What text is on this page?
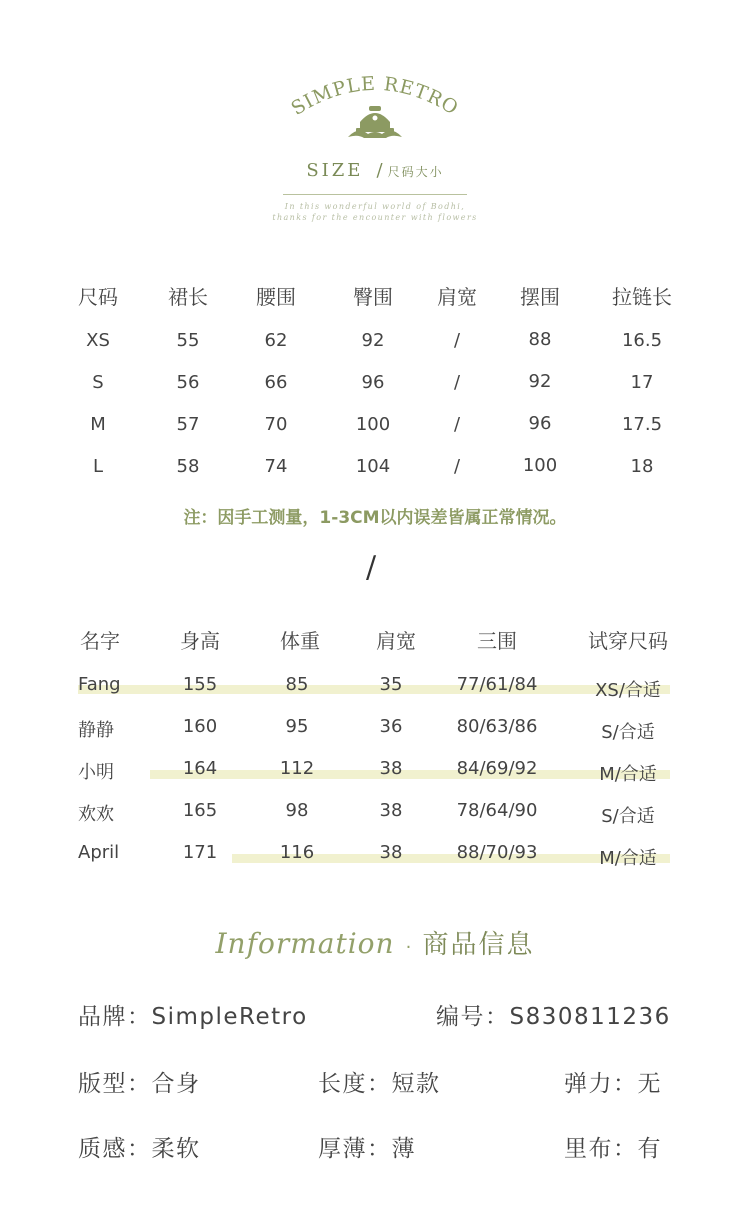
SIMPLE RETRO
SIZE / 尺码大小
In this wonderful world of Bodhi,
thanks for the encounter with flowers
尺码	裙长 腰围	臀围 肩宽 摆围	拉链长
XS	55	62	92	/	88	16.5
S	56	66	96	/	92	17
M	57	70	100	/	96	17.5
L	58	74	104	/	100	18
注：因手工测量，1-3CM以内误差皆属正常情况。
/
名字	身高	体重	肩宽	三围	试穿尺码
Fang	155	85	35	77/61/84	XS/合适
静静	160	95	36	80/63/86	S/合适
小明	164	112	38	84/69/92	M/合适
欢欢	165	98	38	78/64/90	S/合适
April	171	116	38	88/70/93	M/合适
Information · 商品信息
品牌：SimpleRetro	编号：S830811236
版型：合身	长度：短款	弹力：无
质感：柔软	厚薄：薄	里布：有
